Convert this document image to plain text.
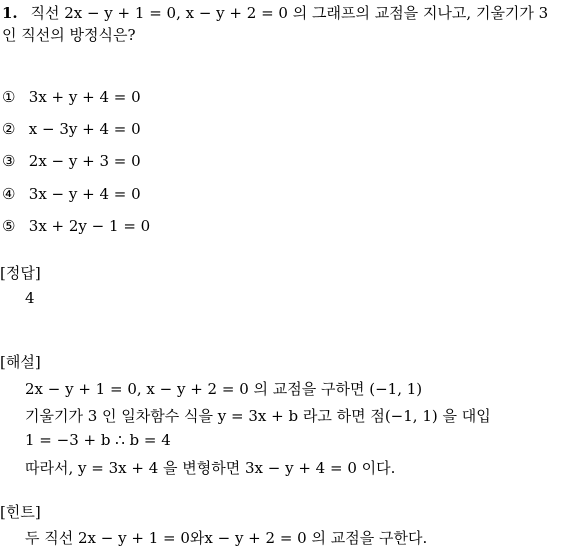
1. 직선 2x − y + 1 = 0, x − y + 2 = 0 의 그래프의 교점을 지나고, 기울기가 3
인 직선의 방정식은?
① 3x + y + 4 = 0
② x − 3y + 4 = 0
③ 2x − y + 3 = 0
④ 3x − y + 4 = 0
⑤ 3x + 2y − 1 = 0
[정답]
4
[해설]
2x − y + 1 = 0, x − y + 2 = 0 의 교점을 구하면 (−1, 1)
기울기가 3 인 일차함수 식을 y = 3x + b 라고 하면 점(−1, 1) 을 대입
1 = −3 + b ∴ b = 4
따라서, y = 3x + 4 을 변형하면 3x − y + 4 = 0 이다.
[힌트]
두 직선 2x − y + 1 = 0와x − y + 2 = 0 의 교점을 구한다.
